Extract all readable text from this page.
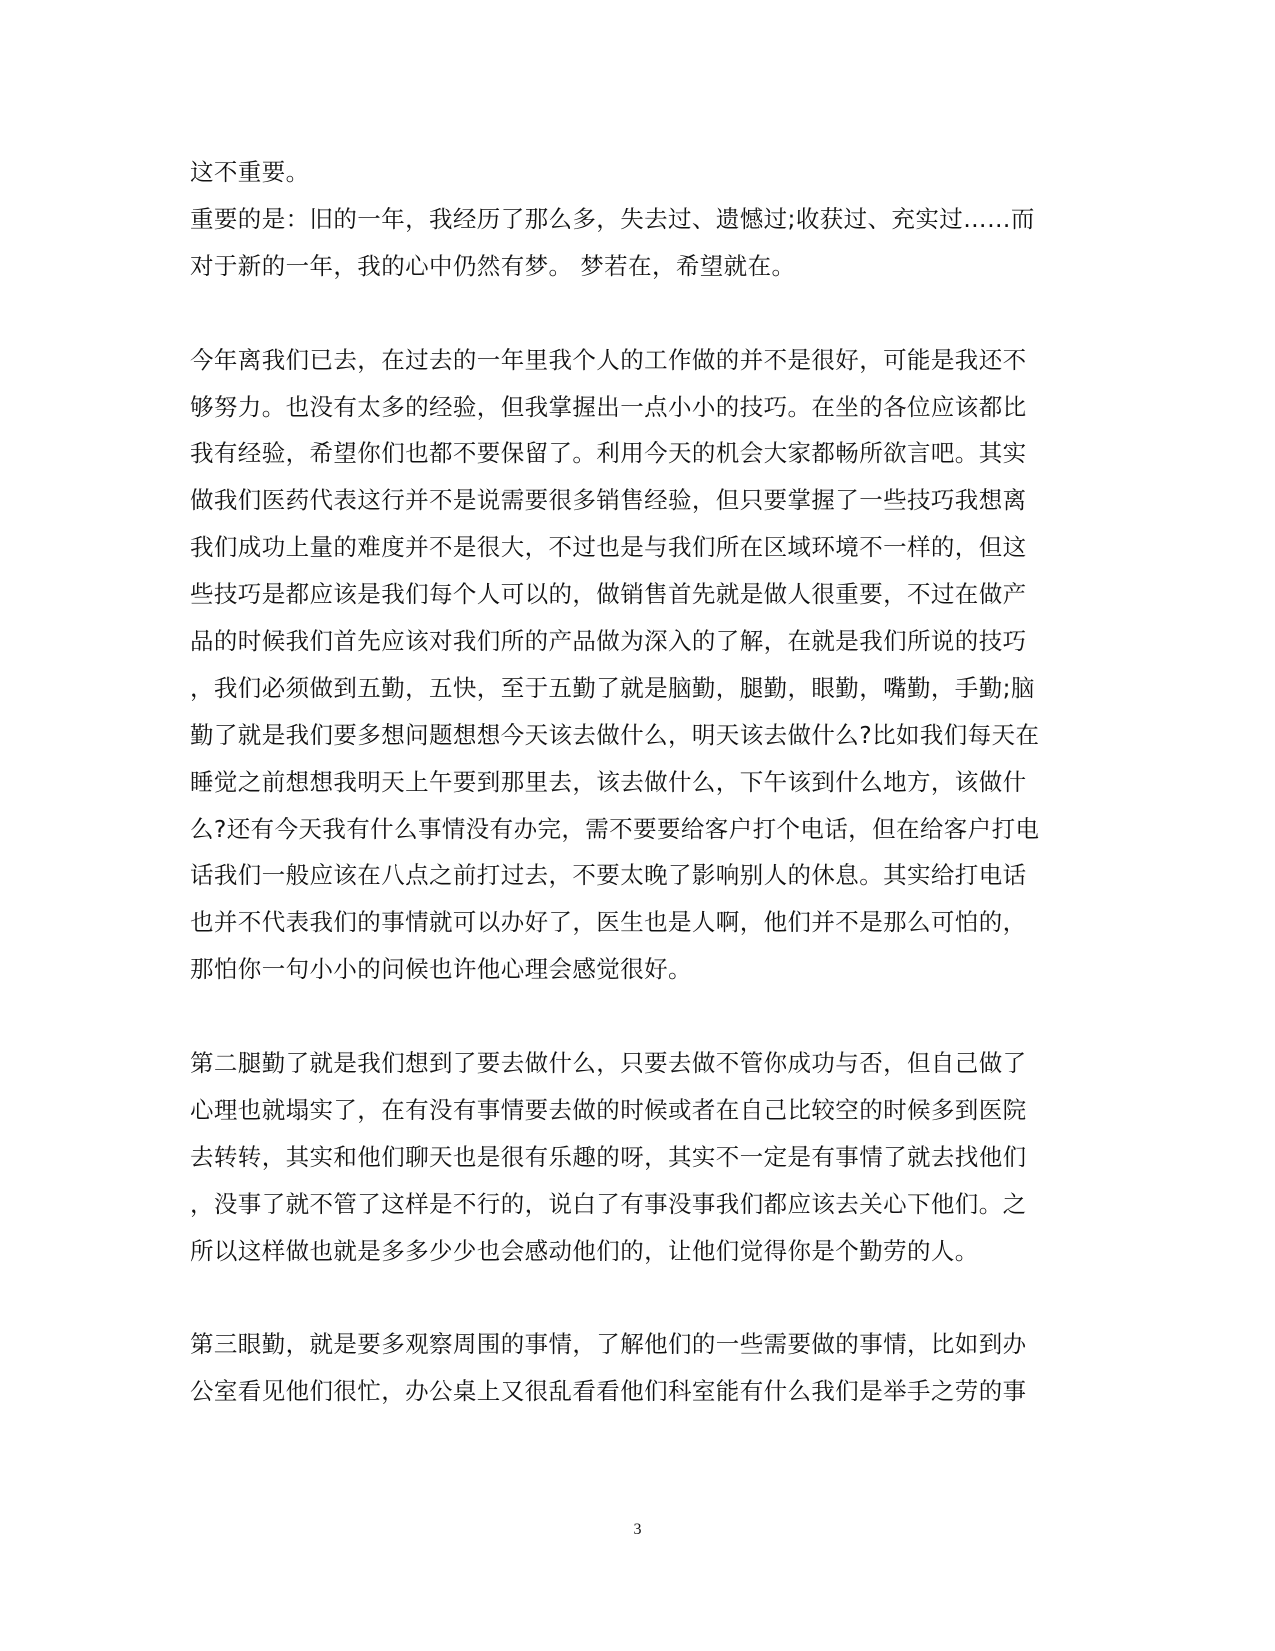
这不重要。
重要的是：旧的一年，我经历了那么多，失去过、遗憾过;收获过、充实过……而
对于新的一年，我的心中仍然有梦。 梦若在，希望就在。
今年离我们已去，在过去的一年里我个人的工作做的并不是很好，可能是我还不
够努力。也没有太多的经验，但我掌握出一点小小的技巧。在坐的各位应该都比
我有经验，希望你们也都不要保留了。利用今天的机会大家都畅所欲言吧。其实
做我们医药代表这行并不是说需要很多销售经验，但只要掌握了一些技巧我想离
我们成功上量的难度并不是很大，不过也是与我们所在区域环境不一样的，但这
些技巧是都应该是我们每个人可以的，做销售首先就是做人很重要，不过在做产
品的时候我们首先应该对我们所的产品做为深入的了解，在就是我们所说的技巧
，我们必须做到五勤，五快，至于五勤了就是脑勤，腿勤，眼勤，嘴勤，手勤;脑
勤了就是我们要多想问题想想今天该去做什么，明天该去做什么?比如我们每天在
睡觉之前想想我明天上午要到那里去，该去做什么，下午该到什么地方，该做什
么?还有今天我有什么事情没有办完，需不要要给客户打个电话，但在给客户打电
话我们一般应该在八点之前打过去，不要太晚了影响别人的休息。其实给打电话
也并不代表我们的事情就可以办好了，医生也是人啊，他们并不是那么可怕的，
那怕你一句小小的问候也许他心理会感觉很好。
第二腿勤了就是我们想到了要去做什么，只要去做不管你成功与否，但自己做了
心理也就塌实了，在有没有事情要去做的时候或者在自己比较空的时候多到医院
去转转，其实和他们聊天也是很有乐趣的呀，其实不一定是有事情了就去找他们
，没事了就不管了这样是不行的，说白了有事没事我们都应该去关心下他们。之
所以这样做也就是多多少少也会感动他们的，让他们觉得你是个勤劳的人。
第三眼勤，就是要多观察周围的事情，了解他们的一些需要做的事情，比如到办
公室看见他们很忙，办公桌上又很乱看看他们科室能有什么我们是举手之劳的事
3
